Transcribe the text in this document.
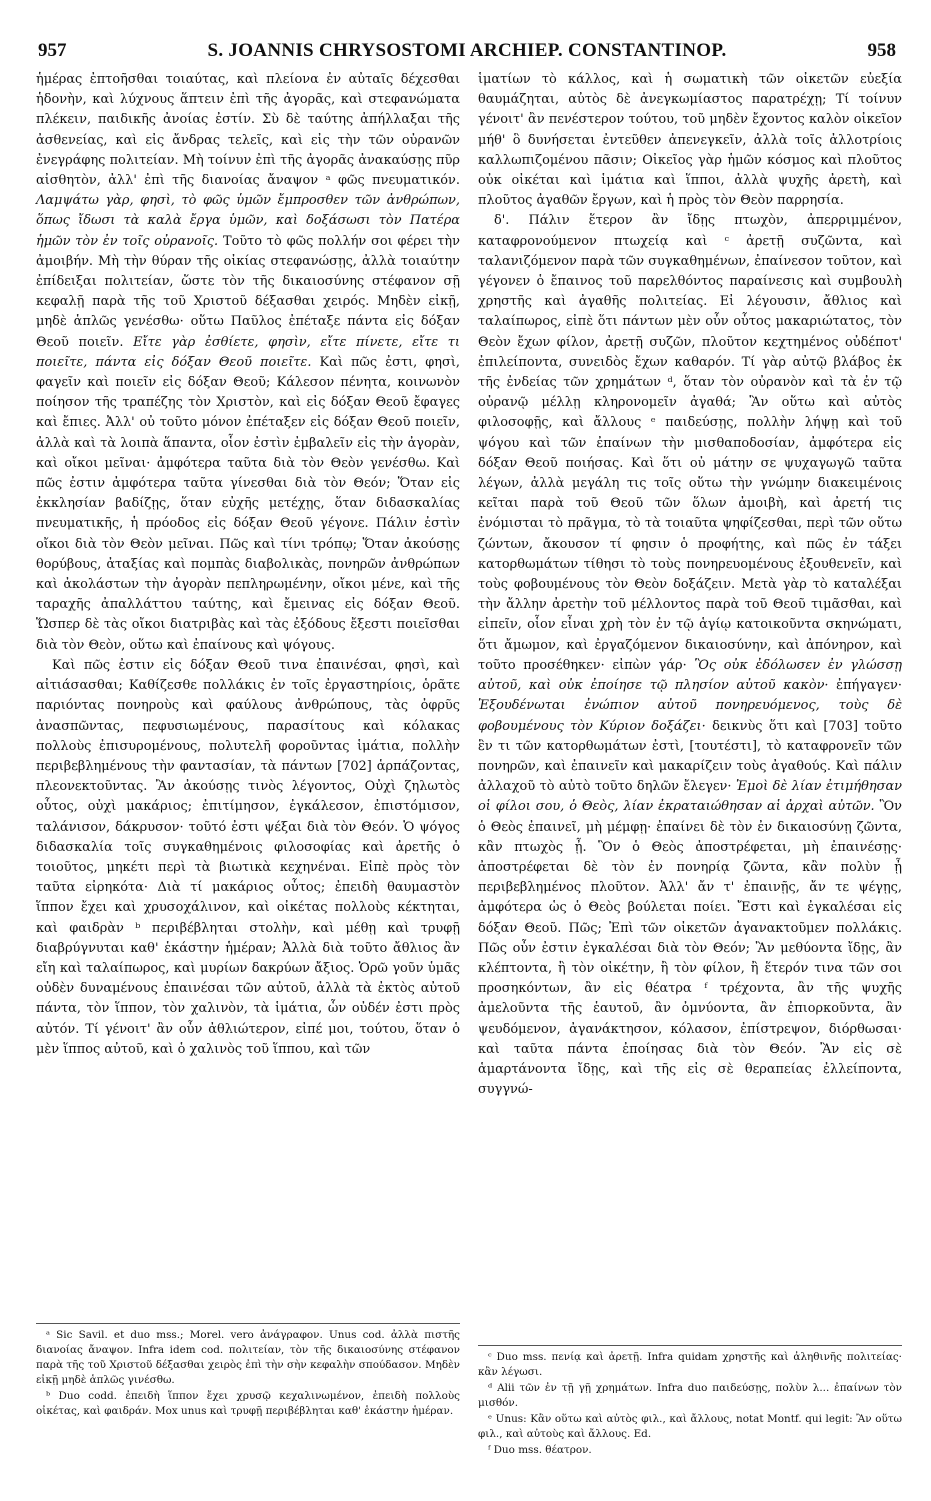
957	S. JOANNIS CHRYSOSTOMI ARCHIEP. CONSTANTINOP.	958

ἡμέρας ἐπτοῆσθαι τοιαύτας, καὶ πλείονα ἐν αὐταῖς δέχεσθαι ἡδονὴν, καὶ λύχνους ἅπτειν ἐπὶ τῆς ἀγορᾶς, καὶ στεφανώματα πλέκειν, παιδικῆς ἀνοίας ἐστίν. Σὺ δὲ ταύτης ἀπήλλαξαι τῆς ἀσθενείας, καὶ εἰς ἄνδρας τελεῖς, καὶ εἰς τὴν τῶν οὐρανῶν ἐνεγράφης πολιτείαν. Μὴ τοίνυν ἐπὶ τῆς ἀγορᾶς ἀνακαύσῃς πῦρ αἰσθητὸν, ἀλλ' ἐπὶ τῆς διανοίας ἄναψον ᵃ φῶς πνευματικόν. Λαμψάτω γὰρ, φησὶ, τὸ φῶς ὑμῶν ἔμπροσθεν τῶν ἀνθρώπων, ὅπως ἴδωσι τὰ καλὰ ἔργα ὑμῶν, καὶ δοξάσωσι τὸν Πατέρα ἡμῶν τὸν ἐν τοῖς οὐρανοῖς. Τοῦτο τὸ φῶς πολλήν σοι φέρει τὴν ἀμοιβήν. Μὴ τὴν θύραν τῆς οἰκίας στεφανώσῃς, ἀλλὰ τοιαύτην ἐπίδειξαι πολιτείαν, ὥστε τὸν τῆς δικαιοσύνης στέφανον σῇ κεφαλῇ παρὰ τῆς τοῦ Χριστοῦ δέξασθαι χειρός. Μηδὲν εἰκῇ, μηδὲ ἁπλῶς γενέσθω· οὕτω Παῦλος ἐπέταξε πάντα εἰς δόξαν Θεοῦ ποιεῖν. Εἴτε γὰρ ἐσθίετε, φησὶν, εἴτε πίνετε, εἴτε τι ποιεῖτε, πάντα εἰς δόξαν Θεοῦ ποιεῖτε. Καὶ πῶς ἐστι, φησὶ, φαγεῖν καὶ ποιεῖν εἰς δόξαν Θεοῦ; Κάλεσον πένητα, κοινωνὸν ποίησον τῆς τραπέζης τὸν Χριστὸν, καὶ εἰς δόξαν Θεοῦ ἔφαγες καὶ ἔπιες. Ἀλλ' οὐ τοῦτο μόνον ἐπέταξεν εἰς δόξαν Θεοῦ ποιεῖν, ἀλλὰ καὶ τὰ λοιπὰ ἅπαντα, οἷον ἐστὶν ἐμβαλεῖν εἰς τὴν ἀγορὰν, καὶ οἴκοι μεῖναι· ἀμφότερα ταῦτα διὰ τὸν Θεὸν γενέσθω. Καὶ πῶς ἐστιν ἀμφότερα ταῦτα γίνεσθαι διὰ τὸν Θεόν; Ὅταν εἰς ἐκκλησίαν βαδίζῃς, ὅταν εὐχῆς μετέχῃς, ὅταν διδασκαλίας πνευματικῆς, ἡ πρόοδος εἰς δόξαν Θεοῦ γέγονε. Πάλιν ἐστὶν οἴκοι διὰ τὸν Θεὸν μεῖναι. Πῶς καὶ τίνι τρόπῳ; Ὅταν ἀκούσῃς θορύβους, ἀταξίας καὶ πομπὰς διαβολικὰς, πονηρῶν ἀνθρώπων καὶ ἀκολάστων τὴν ἀγορὰν πεπληρωμένην, οἴκοι μένε, καὶ τῆς ταραχῆς ἀπαλλάττου ταύτης, καὶ ἔμεινας εἰς δόξαν Θεοῦ. Ὥσπερ δὲ τὰς οἴκοι διατριβὰς καὶ τὰς ἐξόδους ἔξεστι ποιεῖσθαι διὰ τὸν Θεὸν, οὕτω καὶ ἐπαίνους καὶ ψόγους.

Καὶ πῶς ἐστιν εἰς δόξαν Θεοῦ τινα ἐπαινέσαι, φησὶ, καὶ αἰτιάσασθαι; Καθίζεσθε πολλάκις ἐν τοῖς ἐργαστηρίοις, ὁρᾶτε παριόντας πονηροὺς καὶ φαύλους ἀνθρώπους, τὰς ὀφρῦς ἀνασπῶντας, πεφυσιωμένους, παρασίτους καὶ κόλακας πολλοὺς ἐπισυρομένους, πολυτελῆ φοροῦντας ἱμάτια, πολλὴν περιβεβλημένους τὴν φαντασίαν, τὰ πάντων [702] ἁρπάζοντας, πλεονεκτοῦντας. Ἂν ἀκούσῃς τινὸς λέγοντος, Οὐχὶ ζηλωτὸς οὗτος, οὐχὶ μακάριος; ἐπιτίμησον, ἐγκάλεσον, ἐπιστόμισον, ταλάνισον, δάκρυσον· τοῦτό ἐστι ψέξαι διὰ τὸν Θεόν. Ὁ ψόγος διδασκαλία τοῖς συγκαθημένοις φιλοσοφίας καὶ ἀρετῆς ὁ τοιοῦτος, μηκέτι περὶ τὰ βιωτικὰ κεχηνέναι. Εἰπὲ πρὸς τὸν ταῦτα εἰρηκότα· Διὰ τί μακάριος οὗτος; ἐπειδὴ θαυμαστὸν ἵππον ἔχει καὶ χρυσοχάλινον, καὶ οἰκέτας πολλοὺς κέκτηται, καὶ φαιδρὰν ᵇ περιβέβληται στολὴν, καὶ μέθῃ καὶ τρυφῇ διαβρύγνυται καθ' ἑκάστην ἡμέραν; Ἀλλὰ διὰ τοῦτο ἄθλιος ἂν εἴη καὶ ταλαίπωρος, καὶ μυρίων δακρύων ἄξιος. Ὁρῶ γοῦν ὑμᾶς οὐδὲν δυναμένους ἐπαινέσαι τῶν αὐτοῦ, ἀλλὰ τὰ ἐκτὸς αὐτοῦ πάντα, τὸν ἵππον, τὸν χαλινὸν, τὰ ἱμάτια, ὧν οὐδέν ἐστι πρὸς αὐτόν. Τί γένοιτ' ἂν οὖν ἀθλιώτερον, εἰπέ μοι, τούτου, ὅταν ὁ μὲν ἵππος αὐτοῦ, καὶ ὁ χαλινὸς τοῦ ἵππου, καὶ τῶν

ἱματίων τὸ κάλλος, καὶ ἡ σωματικὴ τῶν οἰκετῶν εὐεξία θαυμάζηται, αὐτὸς δὲ ἀνεγκωμίαστος παρατρέχῃ; Τί τοίνυν γένοιτ' ἂν πενέστερον τούτου, τοῦ μηδὲν ἔχοντος καλὸν οἰκεῖον μήθ' ὃ δυνήσεται ἐντεῦθεν ἀπενεγκεῖν, ἀλλὰ τοῖς ἀλλοτρίοις καλλωπιζομένου πᾶσιν; Οἰκεῖος γὰρ ἡμῶν κόσμος καὶ πλοῦτος οὐκ οἰκέται καὶ ἱμάτια καὶ ἵπποι, ἀλλὰ ψυχῆς ἀρετὴ, καὶ πλοῦτος ἀγαθῶν ἔργων, καὶ ἡ πρὸς τὸν Θεὸν παρρησία.

δ'. Πάλιν ἕτερον ἂν ἴδῃς πτωχὸν, ἀπερριμμένον, καταφρονούμενον πτωχείᾳ καὶ ᶜ ἀρετῇ συζῶντα, καὶ ταλανιζόμενον παρὰ τῶν συγκαθημένων, ἐπαίνεσον τοῦτον, καὶ γέγονεν ὁ ἔπαινος τοῦ παρελθόντος παραίνεσις καὶ συμβουλὴ χρηστῆς καὶ ἀγαθῆς πολιτείας. Εἰ λέγουσιν, ἄθλιος καὶ ταλαίπωρος, εἰπὲ ὅτι πάντων μὲν οὖν οὗτος μακαριώτατος, τὸν Θεὸν ἔχων φίλον, ἀρετῇ συζῶν, πλοῦτον κεχτημένος οὐδέποτ' ἐπιλείποντα, συνειδὸς ἔχων καθαρόν. Τί γὰρ αὐτῷ βλάβος ἐκ τῆς ἐνδείας τῶν χρημάτων ᵈ, ὅταν τὸν οὐρανὸν καὶ τὰ ἐν τῷ οὐρανῷ μέλλῃ κληρονομεῖν ἀγαθά; Ἂν οὕτω καὶ αὐτὸς φιλοσοφῇς, καὶ ἄλλους ᵉ παιδεύσῃς, πολλὴν λήψῃ καὶ τοῦ ψόγου καὶ τῶν ἐπαίνων τὴν μισθαποδοσίαν, ἀμφότερα εἰς δόξαν Θεοῦ ποιήσας. Καὶ ὅτι οὐ μάτην σε ψυχαγωγῶ ταῦτα λέγων, ἀλλὰ μεγάλη τις τοῖς οὕτω τὴν γνώμην διακειμένοις κεῖται παρὰ τοῦ Θεοῦ τῶν ὅλων ἀμοιβὴ, καὶ ἀρετή τις ἐνόμισται τὸ πρᾶγμα, τὸ τὰ τοιαῦτα ψηφίζεσθαι, περὶ τῶν οὕτω ζώντων, ἄκουσον τί φησιν ὁ προφήτης, καὶ πῶς ἐν τάξει κατορθωμάτων τίθησι τὸ τοὺς πονηρευομένους ἐξουθενεῖν, καὶ τοὺς φοβουμένους τὸν Θεὸν δοξάζειν. Μετὰ γὰρ τὸ καταλέξαι τὴν ἄλλην ἀρετὴν τοῦ μέλλοντος παρὰ τοῦ Θεοῦ τιμᾶσθαι, καὶ εἰπεῖν, οἷον εἶναι χρὴ τὸν ἐν τῷ ἁγίῳ κατοικοῦντα σκηνώματι, ὅτι ἄμωμον, καὶ ἐργαζόμενον δικαιοσύνην, καὶ ἀπόνηρον, καὶ τοῦτο προσέθηκεν· εἰπὼν γάρ· Ὃς οὐκ ἐδόλωσεν ἐν γλώσσῃ αὐτοῦ, καὶ οὐκ ἐποίησε τῷ πλησίον αὐτοῦ κακὸν· ἐπήγαγεν· Ἐξουδένωται ἐνώπιον αὐτοῦ πονηρευόμενος, τοὺς δὲ φοβουμένους τὸν Κύριον δοξάζει· δεικνὺς ὅτι καὶ [703] τοῦτο ἓν τι τῶν κατορθωμάτων ἐστὶ, [τουτέστι], τὸ καταφρονεῖν τῶν πονηρῶν, καὶ ἐπαινεῖν καὶ μακαρίζειν τοὺς ἀγαθούς. Καὶ πάλιν ἀλλαχοῦ τὸ αὐτὸ τοῦτο δηλῶν ἔλεγεν· Ἐμοὶ δὲ λίαν ἐτιμήθησαν οἱ φίλοι σου, ὁ Θεὸς, λίαν ἐκραταιώθησαν αἱ ἀρχαὶ αὐτῶν. Ὃν ὁ Θεὸς ἐπαινεῖ, μὴ μέμφῃ· ἐπαίνει δὲ τὸν ἐν δικαιοσύνῃ ζῶντα, κἂν πτωχὸς ᾖ. Ὃν ὁ Θεὸς ἀποστρέφεται, μὴ ἐπαινέσῃς· ἀποστρέφεται δὲ τὸν ἐν πονηρίᾳ ζῶντα, κἂν πολὺν ᾖ περιβεβλημένος πλοῦτον. Ἀλλ' ἄν τ' ἐπαινῇς, ἄν τε ψέγῃς, ἀμφότερα ὡς ὁ Θεὸς βούλεται ποίει. Ἔστι καὶ ἐγκαλέσαι εἰς δόξαν Θεοῦ. Πῶς; Ἐπὶ τῶν οἰκετῶν ἀγανακτοῦμεν πολλάκις. Πῶς οὖν ἐστιν ἐγκαλέσαι διὰ τὸν Θεόν; Ἂν μεθύοντα ἴδῃς, ἂν κλέπτοντα, ἢ τὸν οἰκέτην, ἢ τὸν φίλον, ἢ ἕτερόν τινα τῶν σοι προσηκόντων, ἂν εἰς θέατρα ᶠ τρέχοντα, ἂν τῆς ψυχῆς ἀμελοῦντα τῆς ἑαυτοῦ, ἂν ὀμνύοντα, ἂν ἐπιορκοῦντα, ἂν ψευδόμενον, ἀγανάκτησον, κόλασον, ἐπίστρεψον, διόρθωσαι· καὶ ταῦτα πάντα ἐποίησας διὰ τὸν Θεόν. Ἂν εἰς σὲ ἁμαρτάνοντα ἴδῃς, καὶ τῆς εἰς σὲ θεραπείας ἐλλείποντα, συγγνώ-

ᵃ Sic Savil. et duo mss.; Morel. vero ἀνάγραφον. Unus cod. ἀλλὰ πιστῆς διανοίας ἄναψον. Infra idem cod. πολιτείαν, τὸν τῆς δικαιοσύνης στέφανον παρὰ τῆς τοῦ Χριστοῦ δέξασθαι χειρὸς ἐπὶ τὴν σὴν κεφαλὴν σπούδασον. Μηδὲν εἰκῇ μηδὲ ἁπλῶς γινέσθω.

ᵇ Duo codd. ἐπειδὴ ἵππον ἔχει χρυσῷ κεχαλινωμένον, ἐπειδὴ πολλοὺς οἰκέτας, καὶ φαιδράν. Mox unus καὶ τρυφῇ περιβέβληται καθ' ἑκάστην ἡμέραν.

ᶜ Duo mss. πενίᾳ καὶ ἀρετῇ. Infra quidam χρηστῆς καὶ ἀληθινῆς πολιτείας· κἂν λέγωσι.

ᵈ Alii τῶν ἐν τῇ γῇ χρημάτων. Infra duo παιδεύσῃς, πολὺν λ... ἐπαίνων τὸν μισθόν.

ᵉ Unus: Κἂν οὕτω καὶ αὐτὸς φιλ., καὶ ἄλλους, notat Montf. qui legit: Ἂν οὕτω φιλ., καὶ αὐτοὺς καὶ ἄλλους. Ed.

ᶠ Duo mss. θέατρον.
